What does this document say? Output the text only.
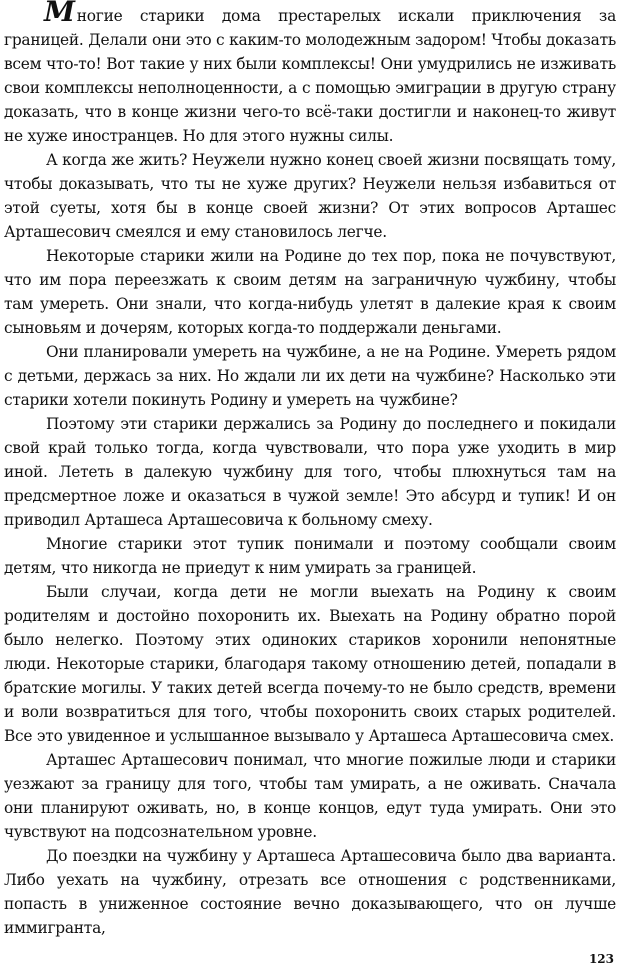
Многие старики дома престарелых искали приключения за границей. Делали они это с каким-то молодежным задором! Чтобы доказать всем что-то! Вот такие у них были комплексы! Они умудрились не изживать свои комплексы неполноценности, а с помощью эмиграции в другую страну доказать, что в конце жизни чего-то всё-таки достигли и наконец-то живут не хуже иностранцев. Но для этого нужны силы.

А когда же жить? Неужели нужно конец своей жизни посвящать тому, чтобы доказывать, что ты не хуже других? Неужели нельзя избавиться от этой суеты, хотя бы в конце своей жизни? От этих вопросов Арташес Арташесович смеялся и ему становилось легче.

Некоторые старики жили на Родине до тех пор, пока не почувствуют, что им пора переезжать к своим детям на заграничную чужбину, чтобы там умереть. Они знали, что когда-нибудь улетят в далекие края к своим сыновьям и дочерям, которых когда-то поддержали деньгами.

Они планировали умереть на чужбине, а не на Родине. Умереть рядом с детьми, держась за них. Но ждали ли их дети на чужбине? Насколько эти старики хотели покинуть Родину и умереть на чужбине?

Поэтому эти старики держались за Родину до последнего и покидали свой край только тогда, когда чувствовали, что пора уже уходить в мир иной. Лететь в далекую чужбину для того, чтобы плюхнуться там на предсмертное ложе и оказаться в чужой земле! Это абсурд и тупик! И он приводил Арташеса Арташесовича к больному смеху.

Многие старики этот тупик понимали и поэтому сообщали своим детям, что никогда не приедут к ним умирать за границей.

Были случаи, когда дети не могли выехать на Родину к своим родителям и достойно похоронить их. Выехать на Родину обратно порой было нелегко. Поэтому этих одиноких стариков хоронили непонятные люди. Некоторые старики, благодаря такому отношению детей, попадали в братские могилы. У таких детей всегда почему-то не было средств, времени и воли возвратиться для того, чтобы похоронить своих старых родителей. Все это увиденное и услышанное вызывало у Арташеса Арташесовича смех.

Арташес Арташесович понимал, что многие пожилые люди и старики уезжают за границу для того, чтобы там умирать, а не оживать. Сначала они планируют оживать, но, в конце концов, едут туда умирать. Они это чувствуют на подсознательном уровне.

До поездки на чужбину у Арташеса Арташесовича было два варианта. Либо уехать на чужбину, отрезать все отношения с родственниками, попасть в униженное состояние вечно доказывающего, что он лучше иммигранта,

123
